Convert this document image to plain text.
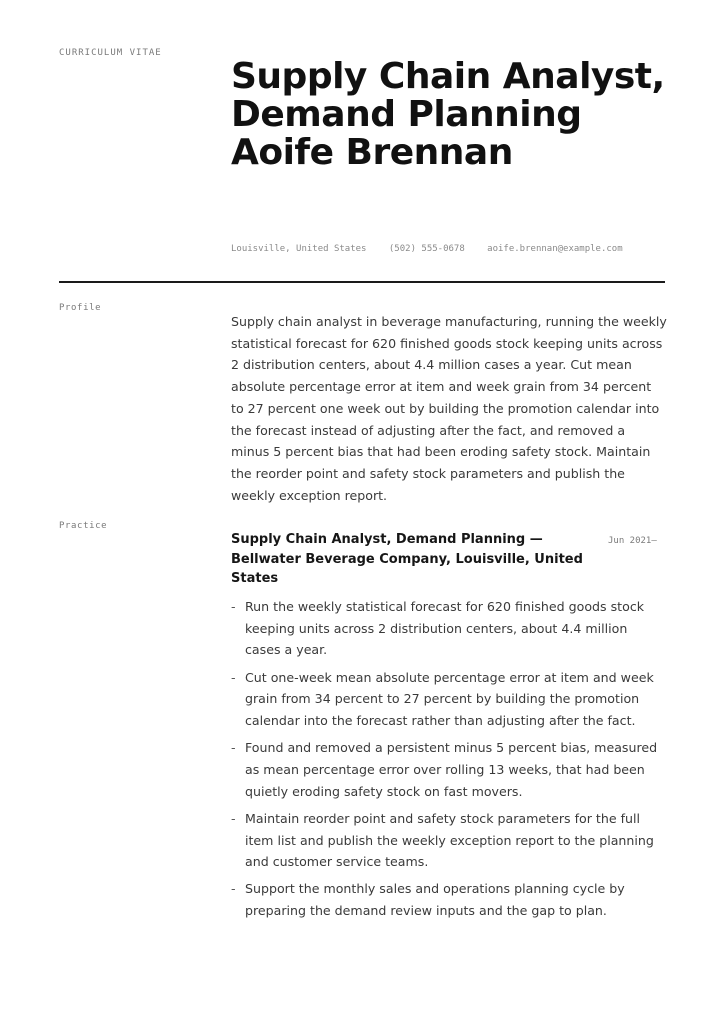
CURRICULUM VITAE
Supply Chain Analyst, Demand Planning Aoife Brennan
Louisville, United States (502) 555-0678 aoife.brennan@example.com
Profile

Supply chain analyst in beverage manufacturing, running the weekly statistical forecast for 620 finished goods stock keeping units across 2 distribution centers, about 4.4 million cases a year. Cut mean absolute percentage error at item and week grain from 34 percent to 27 percent one week out by building the promotion calendar into the forecast instead of adjusting after the fact, and removed a minus 5 percent bias that had been eroding safety stock. Maintain the reorder point and safety stock parameters and publish the weekly exception report.

Practice
Supply Chain Analyst, Demand Planning — Bellwater Beverage Company, Louisville, United States
Jun 2021—
- Run the weekly statistical forecast for 620 finished goods stock keeping units across 2 distribution centers, about 4.4 million cases a year.
- Cut one-week mean absolute percentage error at item and week grain from 34 percent to 27 percent by building the promotion calendar into the forecast rather than adjusting after the fact.
- Found and removed a persistent minus 5 percent bias, measured as mean percentage error over rolling 13 weeks, that had been quietly eroding safety stock on fast movers.
- Maintain reorder point and safety stock parameters for the full item list and publish the weekly exception report to the planning and customer service teams.
- Support the monthly sales and operations planning cycle by preparing the demand review inputs and the gap to plan.
